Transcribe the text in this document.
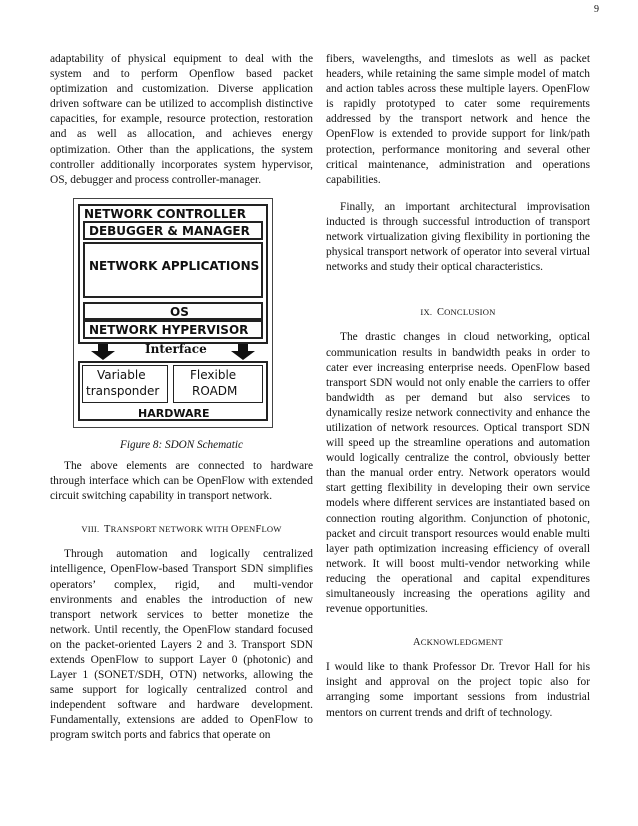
9

adaptability of physical equipment to deal with the system and to perform Openflow based packet optimization and customization. Diverse application driven software can be utilized to accomplish distinctive capacities, for example, resource protection, restoration and as well as allocation, and achieves energy optimization. Other than the applications, the system controller additionally incorporates system hypervisor, OS, debugger and process controller-manager.

NETWORK CONTROLLER
DEBUGGER & MANAGER
NETWORK APPLICATIONS
OS
NETWORK HYPERVISOR
Interface
HARDWARE
Variable
transponder
Flexible
ROADM
Figure 8: SDON Schematic

The above elements are connected to hardware through interface which can be OpenFlow with extended circuit switching capability in transport network.

VIII. TRANSPORT NETWORK WITH OPENFLOW

Through automation and logically centralized intelligence, OpenFlow-based Transport SDN simplifies operators’ complex, rigid, and multi-vendor environments and enables the introduction of new transport network services to better monetize the network. Until recently, the OpenFlow standard focused on the packet-oriented Layers 2 and 3. Transport SDN extends OpenFlow to support Layer 0 (photonic) and Layer 1 (SONET/SDH, OTN) networks, allowing the same support for logically centralized control and independent software and hardware development. Fundamentally, extensions are added to OpenFlow to program switch ports and fabrics that operate on

fibers, wavelengths, and timeslots as well as packet headers, while retaining the same simple model of match and action tables across these multiple layers. OpenFlow is rapidly prototyped to cater some requirements addressed by the transport network and hence the OpenFlow is extended to provide support for link/path protection, performance monitoring and several other critical maintenance, administration and operations capabilities.

Finally, an important architectural improvisation inducted is through successful introduction of transport network virtualization giving flexibility in portioning the physical transport network of operator into several virtual networks and study their optical characteristics.

IX. CONCLUSION

The drastic changes in cloud networking, optical communication results in bandwidth peaks in order to cater ever increasing enterprise needs. OpenFlow based transport SDN would not only enable the carriers to offer bandwidth as per demand but also services to dynamically resize network connectivity and enhance the utilization of network resources. Optical transport SDN will speed up the streamline operations and automation would logically centralize the control, obviously better than the manual order entry. Network operators would start getting flexibility in developing their own service models where different services are instantiated based on connection routing algorithm. Conjunction of photonic, packet and circuit transport resources would enable multi layer path optimization increasing efficiency of overall network. It will boost multi-vendor networking while reducing the operational and capital expenditures simultaneously increasing the operations agility and revenue opportunities.

ACKNOWLEDGMENT

I would like to thank Professor Dr. Trevor Hall for his insight and approval on the project topic also for arranging some important sessions from industrial mentors on current trends and drift of technology.
